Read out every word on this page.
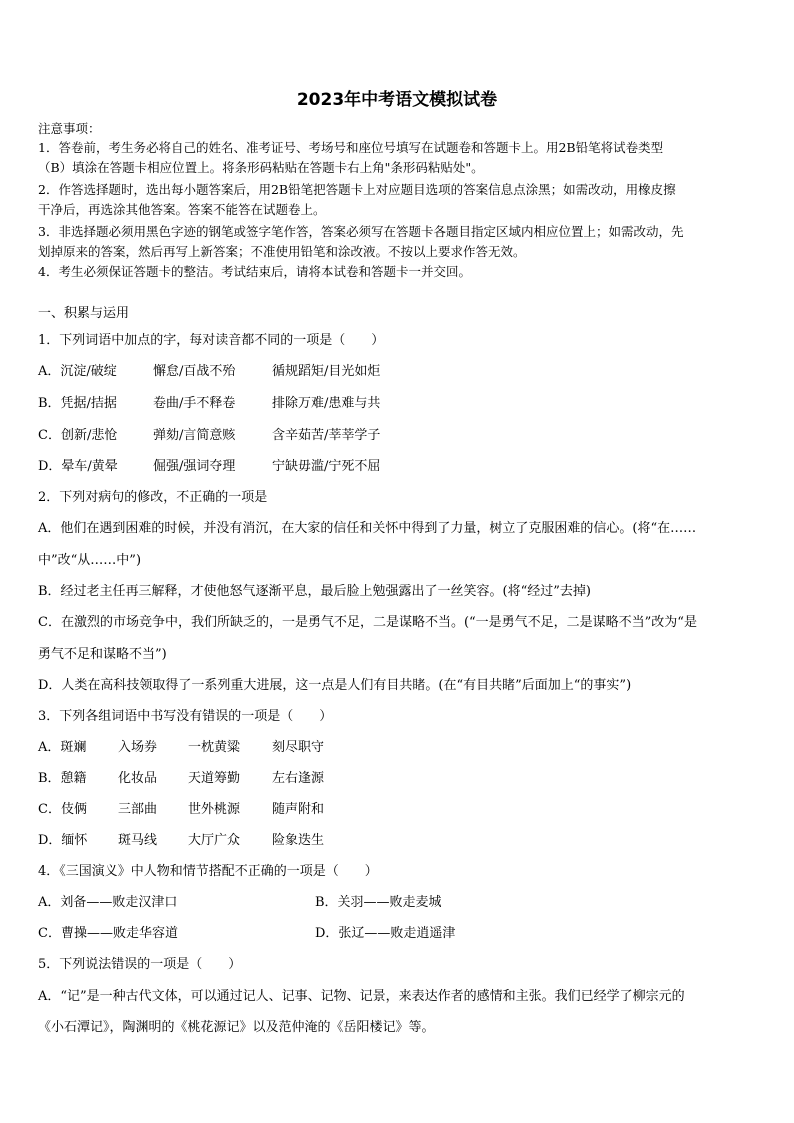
2023年中考语文模拟试卷
注意事项：
1．答卷前，考生务必将自己的姓名、准考证号、考场号和座位号填写在试题卷和答题卡上。用2B铅笔将试卷类型
（B）填涂在答题卡相应位置上。将条形码粘贴在答题卡右上角"条形码粘贴处"。
2．作答选择题时，选出每小题答案后，用2B铅笔把答题卡上对应题目选项的答案信息点涂黑；如需改动，用橡皮擦
干净后，再选涂其他答案。答案不能答在试题卷上。
3．非选择题必须用黑色字迹的钢笔或签字笔作答，答案必须写在答题卡各题目指定区域内相应位置上；如需改动，先
划掉原来的答案，然后再写上新答案；不准使用铅笔和涂改液。不按以上要求作答无效。
4．考生必须保证答题卡的整洁。考试结束后，请将本试卷和答题卡一并交回。
一、积累与运用
1．下列词语中加点的字，每对读音都不同的一项是（　　）
A．沉淀/破绽	懈怠/百战不殆	循规蹈矩/目光如炬
B．凭据/拮据	卷曲/手不释卷	排除万难/患难与共
C．创新/悲怆	弹劾/言简意赅	含辛茹苦/莘莘学子
D．晕车/黄晕	倔强/强词夺理	宁缺毋滥/宁死不屈
2．下列对病句的修改，不正确的一项是
A．他们在遇到困难的时候，并没有消沉，在大家的信任和关怀中得到了力量，树立了克服困难的信心。(将“在……
中”改“从……中”)
B．经过老主任再三解释，才使他怒气逐渐平息，最后脸上勉强露出了一丝笑容。(将“经过”去掉)
C．在激烈的市场竞争中，我们所缺乏的，一是勇气不足，二是谋略不当。(“一是勇气不足，二是谋略不当”改为“是
勇气不足和谋略不当”)
D．人类在高科技领取得了一系列重大进展，这一点是人们有目共睹。(在“有目共睹”后面加上“的事实”)
3．下列各组词语中书写没有错误的一项是（　　）
A．斑斓 入场券 一枕黄粱 刻尽职守
B．憩籍 化妆品 天道筹勤 左右逢源
C．伎俩 三部曲 世外桃源 随声附和
D．缅怀 斑马线 大厅广众 险象迭生
4．《三国演义》中人物和情节搭配不正确的一项是（　　）
A．刘备——败走汉津口	B．关羽——败走麦城
C．曹操——败走华容道	D．张辽——败走逍遥津
5．下列说法错误的一项是（　　）
A．“记”是一种古代文体，可以通过记人、记事、记物、记景，来表达作者的感情和主张。我们已经学了柳宗元的
《小石潭记》，陶渊明的《桃花源记》以及范仲淹的《岳阳楼记》等。
